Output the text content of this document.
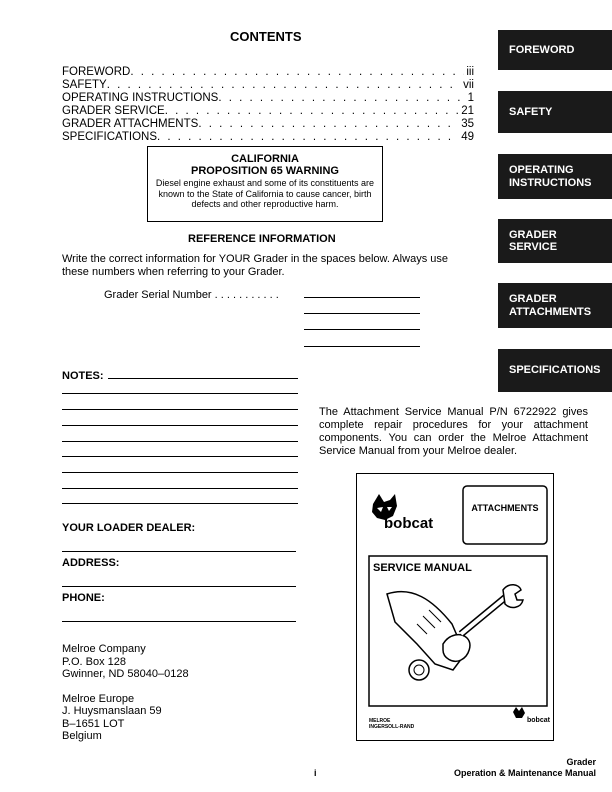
CONTENTS
FOREWORD . . .	iii
SAFETY . . .	vii
OPERATING INSTRUCTIONS . . .	1
GRADER SERVICE . . .	21
GRADER ATTACHMENTS . . .	35
SPECIFICATIONS . . .	49
CALIFORNIA
PROPOSITION 65 WARNING
Diesel engine exhaust and some of its constituents are known to the State of California to cause cancer, birth defects and other reproductive harm.
REFERENCE INFORMATION
Write the correct information for YOUR Grader in the spaces below. Always use these numbers when referring to your Grader.
Grader Serial Number . . . . . . . . . . .
NOTES:
YOUR LOADER DEALER:
ADDRESS:
PHONE:
Melroe Company
P.O. Box 128
Gwinner, ND 58040–0128
Melroe Europe
J. Huysmanslaan 59
B–1651 LOT
Belgium
The Attachment Service Manual P/N 6722922 gives complete repair procedures for your attachment components. You can order the Melroe Attachment Service Manual from your Melroe dealer.
bobcat
ATTACHMENTS
SERVICE MANUAL
MELROE
INGERSOLL-RAND
bobcat
FOREWORD
SAFETY
OPERATING
INSTRUCTIONS
GRADER
SERVICE
GRADER
ATTACHMENTS
SPECIFICATIONS
i
Grader
Operation & Maintenance Manual
